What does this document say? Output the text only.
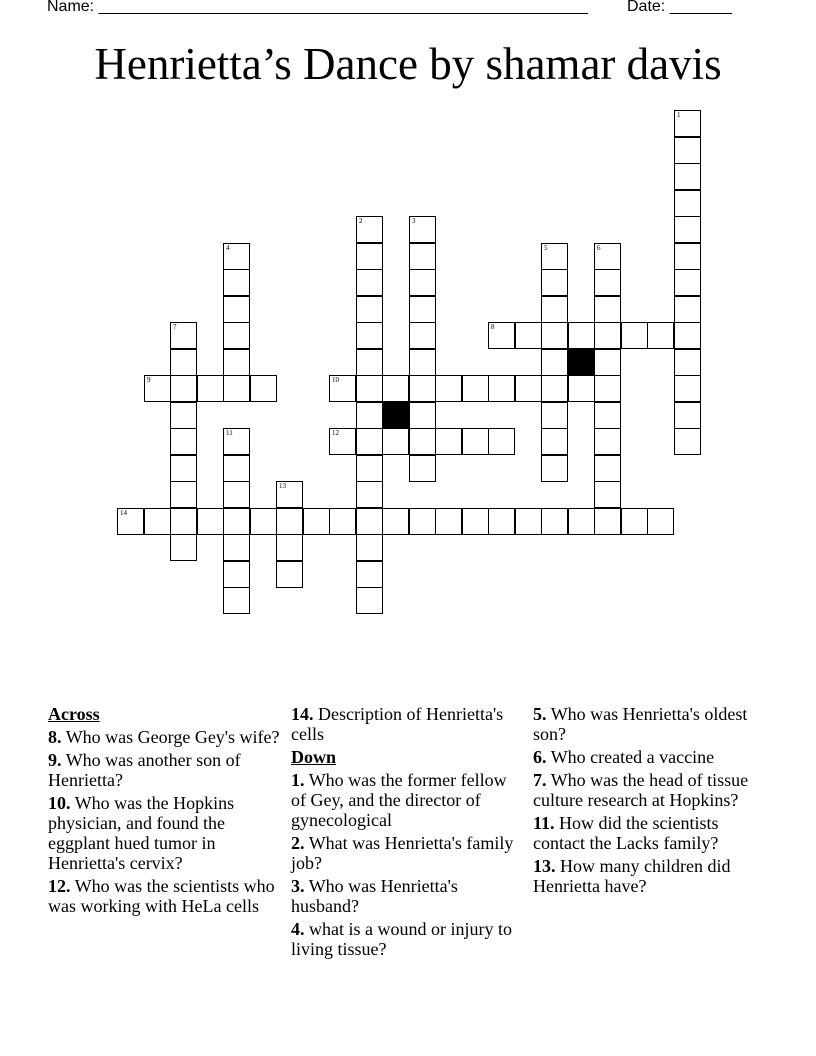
Name: _______________________________________________________ Date: _______
Henrietta’s Dance by shamar davis
1
2	3
4	5	6
7	8
9	10
11	12
13
14
Across
8. Who was George Gey's wife?
9. Who was another son of Henrietta?
10. Who was the Hopkins physician, and found the eggplant hued tumor in Henrietta's cervix?
12. Who was the scientists who was working with HeLa cells
14. Description of Henrietta's cells
Down
1. Who was the former fellow of Gey, and the director of gynecological
2. What was Henrietta's family job?
3. Who was Henrietta's husband?
4. what is a wound or injury to living tissue?
5. Who was Henrietta's oldest son?
6. Who created a vaccine
7. Who was the head of tissue culture research at Hopkins?
11. How did the scientists contact the Lacks family?
13. How many children did Henrietta have?
